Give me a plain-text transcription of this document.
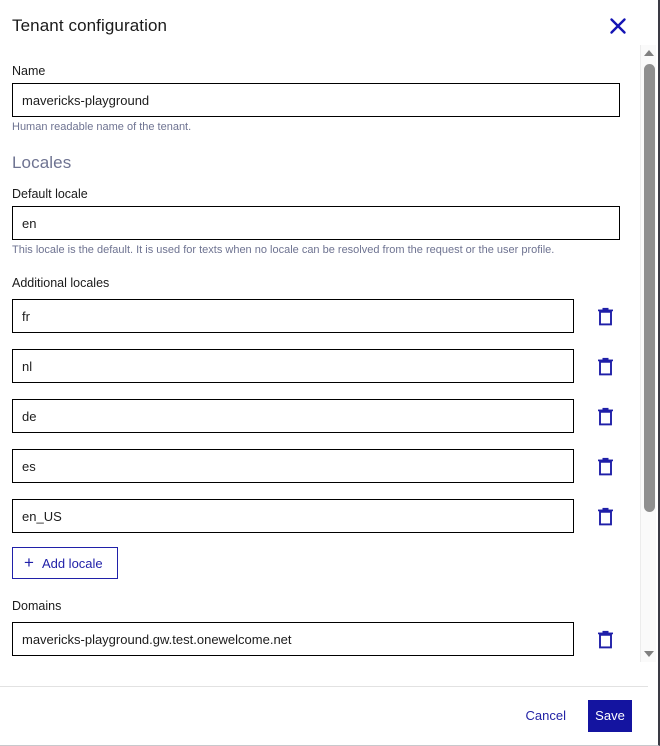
Tenant configuration
Name
mavericks-playground
Human readable name of the tenant.
Locales
Default locale
en
This locale is the default. It is used for texts when no locale can be resolved from the request or the user profile.
Additional locales
fr
nl
de
es
en_US
+ Add locale
Domains
mavericks-playground.gw.test.onewelcome.net
Cancel	Save
